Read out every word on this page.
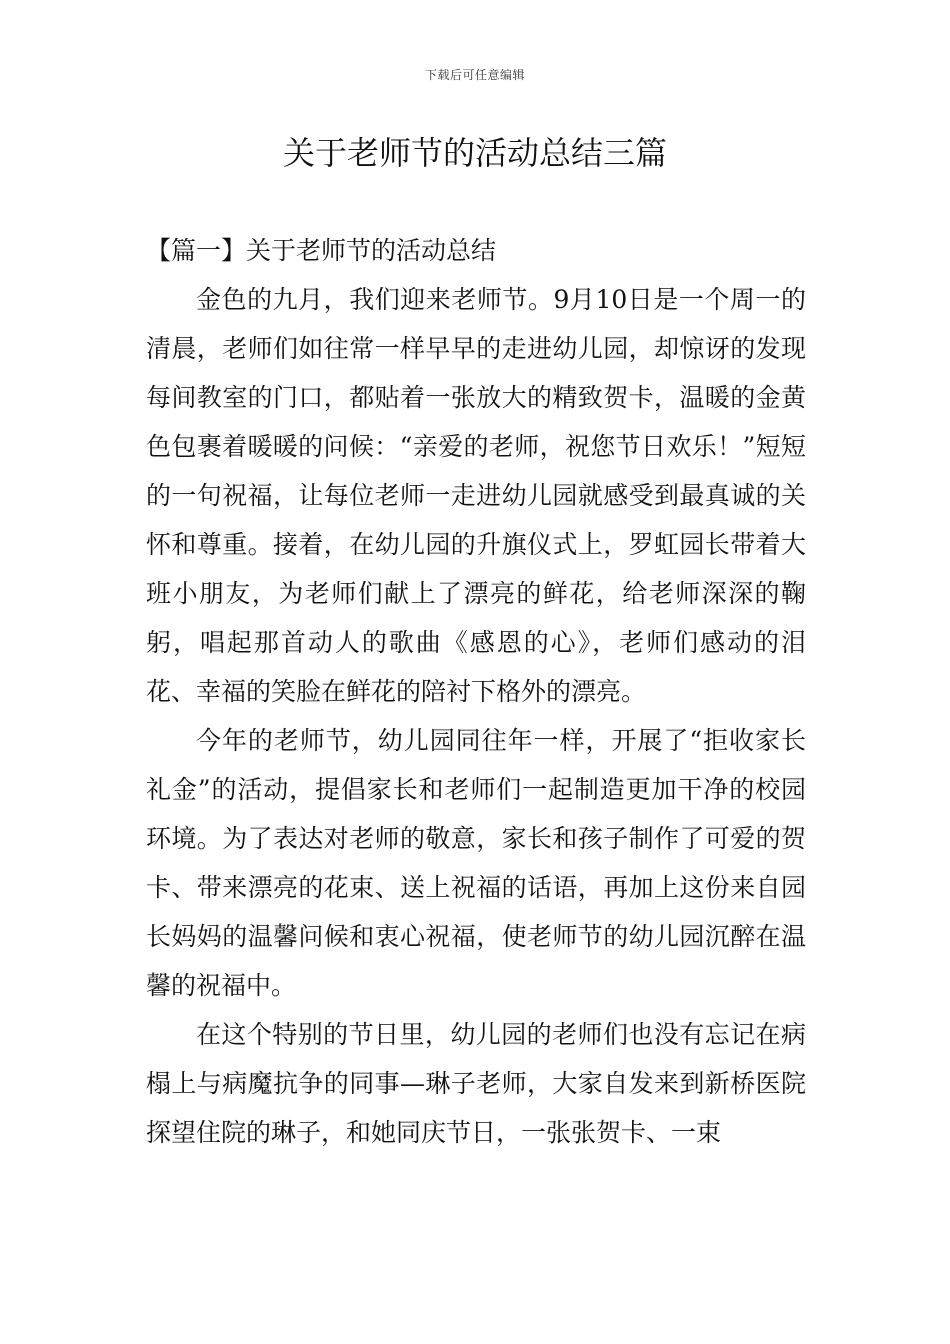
下载后可任意编辑
关于老师节的活动总结三篇
【篇一】关于老师节的活动总结

金色的九月，我们迎来老师节。9月10日是一个周一的清晨，老师们如往常一样早早的走进幼儿园，却惊讶的发现每间教室的门口，都贴着一张放大的精致贺卡，温暖的金黄色包裹着暖暖的问候：“亲爱的老师，祝您节日欢乐！”短短的一句祝福，让每位老师一走进幼儿园就感受到最真诚的关怀和尊重。接着，在幼儿园的升旗仪式上，罗虹园长带着大班小朋友，为老师们献上了漂亮的鲜花，给老师深深的鞠躬，唱起那首动人的歌曲《感恩的心》，老师们感动的泪花、幸福的笑脸在鲜花的陪衬下格外的漂亮。

今年的老师节，幼儿园同往年一样，开展了“拒收家长礼金”的活动，提倡家长和老师们一起制造更加干净的校园环境。为了表达对老师的敬意，家长和孩子制作了可爱的贺卡、带来漂亮的花束、送上祝福的话语，再加上这份来自园长妈妈的温馨问候和衷心祝福，使老师节的幼儿园沉醉在温馨的祝福中。

在这个特别的节日里，幼儿园的老师们也没有忘记在病榻上与病魔抗争的同事—琳子老师，大家自发来到新桥医院探望住院的琳子，和她同庆节日，一张张贺卡、一束
